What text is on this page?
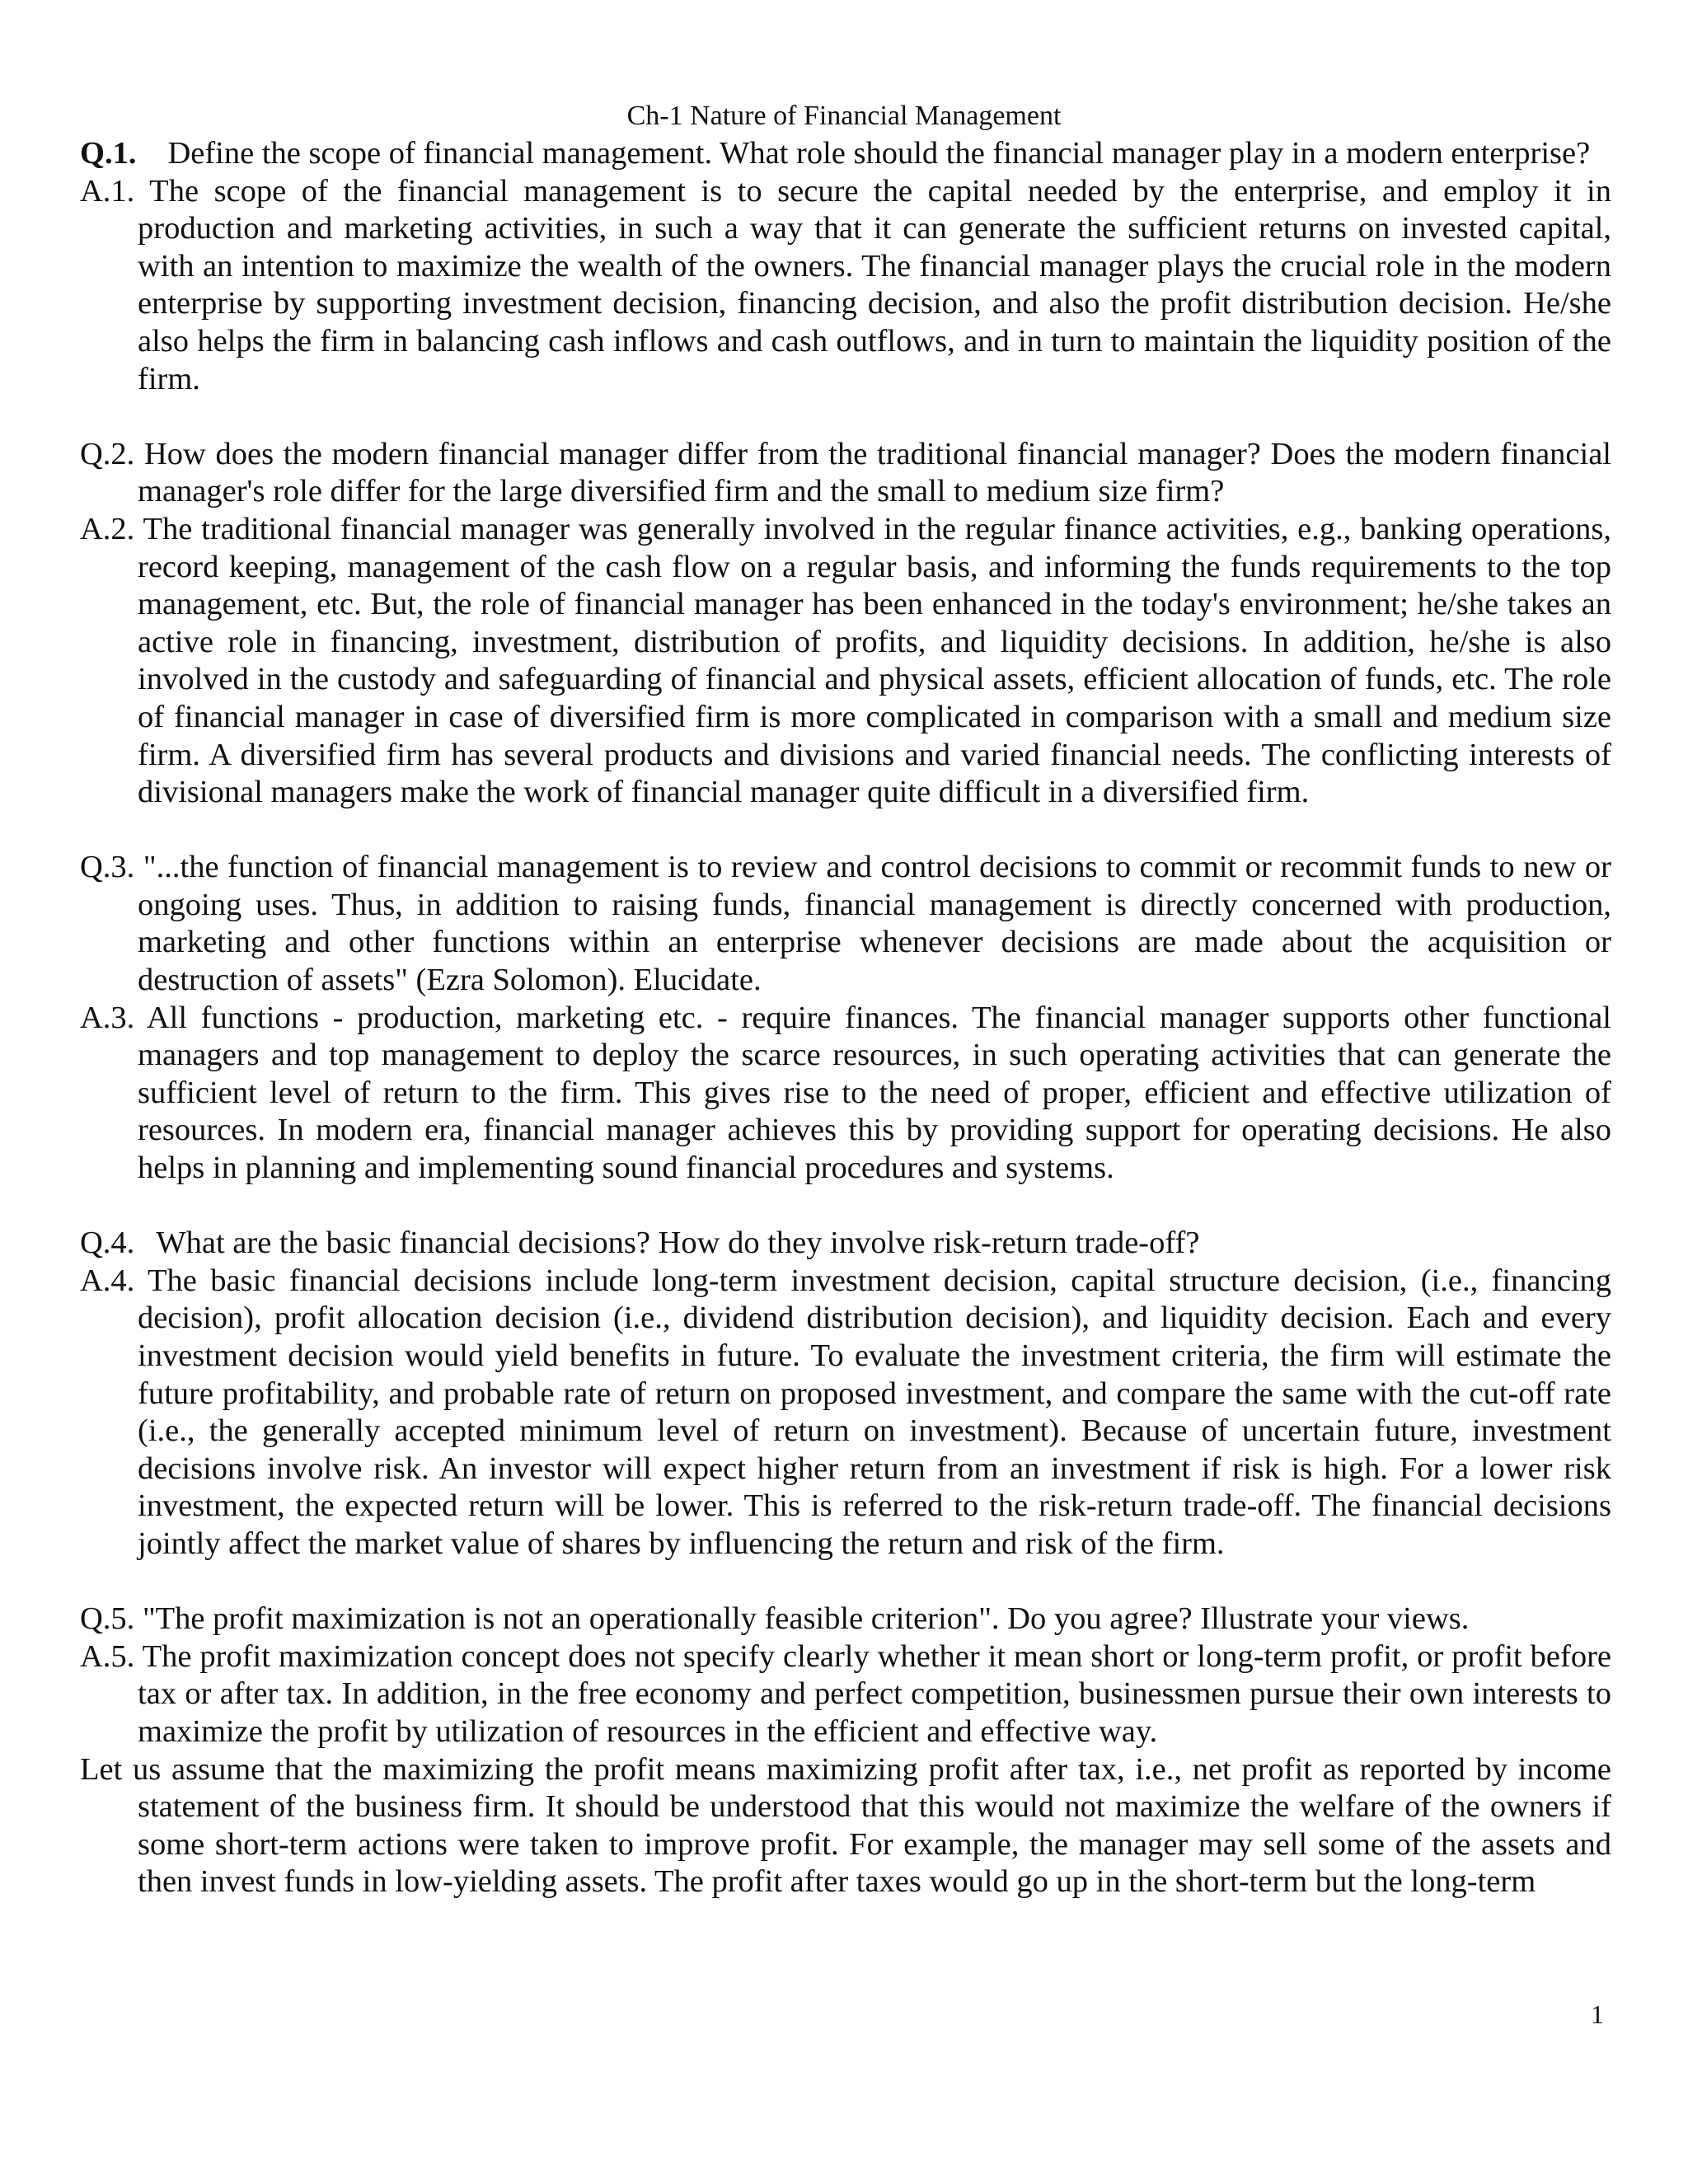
Ch-1 Nature of Financial Management

Q.1. Define the scope of financial management. What role should the financial manager play in a modern enterprise?

A.1. The scope of the financial management is to secure the capital needed by the enterprise, and employ it in production and marketing activities, in such a way that it can generate the sufficient returns on invested capital, with an intention to maximize the wealth of the owners. The financial manager plays the crucial role in the modern enterprise by supporting investment decision, financing decision, and also the profit distribution decision. He/she also helps the firm in balancing cash inflows and cash outflows, and in turn to maintain the liquidity position of the firm.

Q.2. How does the modern financial manager differ from the traditional financial manager? Does the modern financial manager's role differ for the large diversified firm and the small to medium size firm?

A.2. The traditional financial manager was generally involved in the regular finance activities, e.g., banking operations, record keeping, management of the cash flow on a regular basis, and informing the funds requirements to the top management, etc. But, the role of financial manager has been enhanced in the today's environment; he/she takes an active role in financing, investment, distribution of profits, and liquidity decisions. In addition, he/she is also involved in the custody and safeguarding of financial and physical assets, efficient allocation of funds, etc. The role of financial manager in case of diversified firm is more complicated in comparison with a small and medium size firm. A diversified firm has several products and divisions and varied financial needs. The conflicting interests of divisional managers make the work of financial manager quite difficult in a diversified firm.

Q.3. "...the function of financial management is to review and control decisions to commit or recommit funds to new or ongoing uses. Thus, in addition to raising funds, financial management is directly concerned with production, marketing and other functions within an enterprise whenever decisions are made about the acquisition or destruction of assets" (Ezra Solomon). Elucidate.

A.3. All functions - production, marketing etc. - require finances. The financial manager supports other functional managers and top management to deploy the scarce resources, in such operating activities that can generate the sufficient level of return to the firm. This gives rise to the need of proper, efficient and effective utilization of resources. In modern era, financial manager achieves this by providing support for operating decisions. He also helps in planning and implementing sound financial procedures and systems.

Q.4. What are the basic financial decisions? How do they involve risk-return trade-off?

A.4. The basic financial decisions include long-term investment decision, capital structure decision, (i.e., financing decision), profit allocation decision (i.e., dividend distribution decision), and liquidity decision. Each and every investment decision would yield benefits in future. To evaluate the investment criteria, the firm will estimate the future profitability, and probable rate of return on proposed investment, and compare the same with the cut-off rate (i.e., the generally accepted minimum level of return on investment). Because of uncertain future, investment decisions involve risk. An investor will expect higher return from an investment if risk is high. For a lower risk investment, the expected return will be lower. This is referred to the risk-return trade-off. The financial decisions jointly affect the market value of shares by influencing the return and risk of the firm.

Q.5. "The profit maximization is not an operationally feasible criterion". Do you agree? Illustrate your views.

A.5. The profit maximization concept does not specify clearly whether it mean short or long-term profit, or profit before tax or after tax. In addition, in the free economy and perfect competition, businessmen pursue their own interests to maximize the profit by utilization of resources in the efficient and effective way.

Let us assume that the maximizing the profit means maximizing profit after tax, i.e., net profit as reported by income statement of the business firm. It should be understood that this would not maximize the welfare of the owners if some short-term actions were taken to improve profit. For example, the manager may sell some of the assets and then invest funds in low-yielding assets. The profit after taxes would go up in the short-term but the long-term

1
